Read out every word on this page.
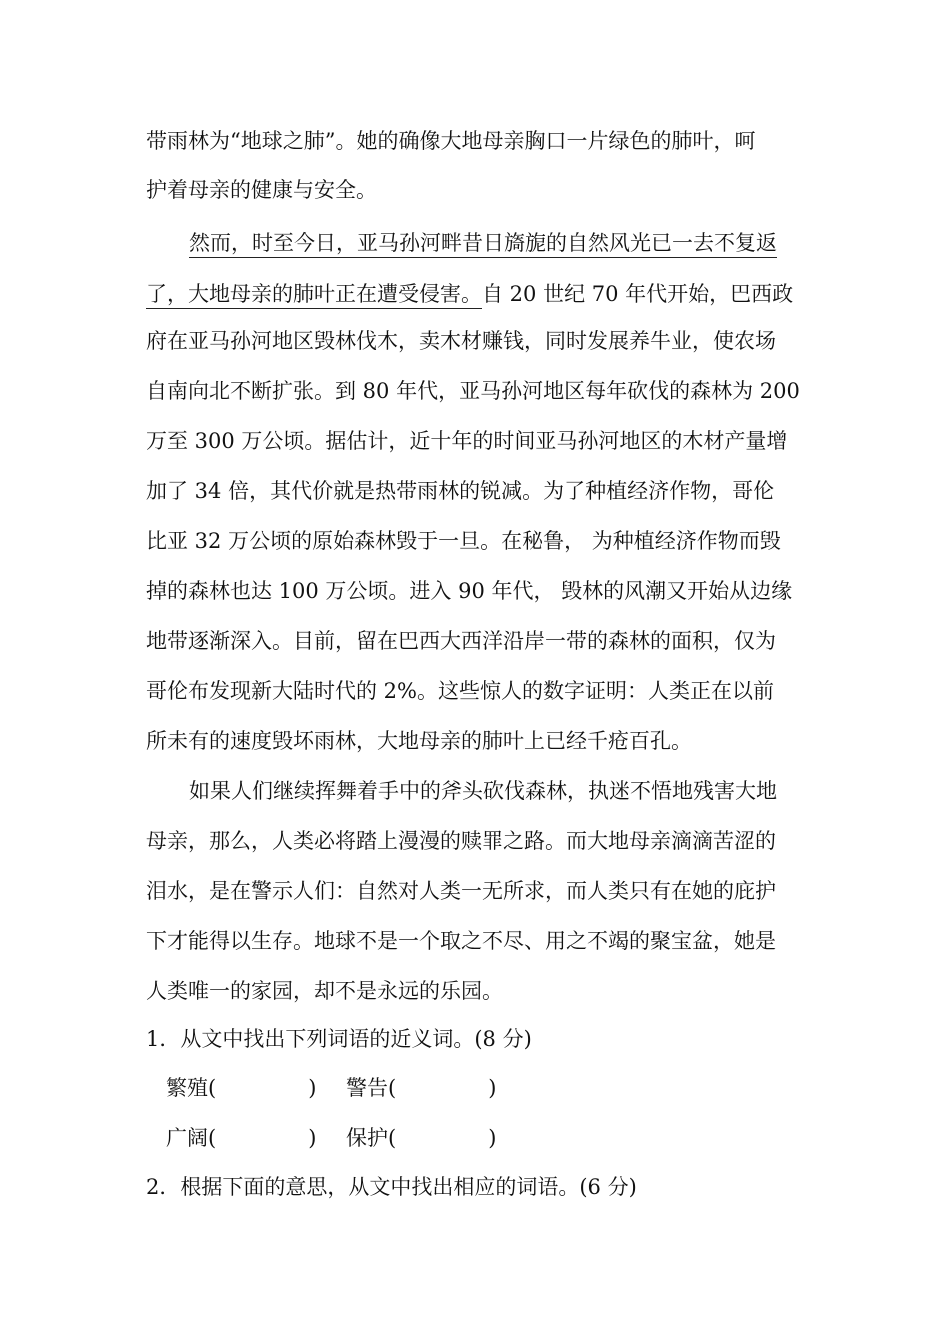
带雨林为“地球之肺”。她的确像大地母亲胸口一片绿色的肺叶，呵
护着母亲的健康与安全。
然而，时至今日，亚马孙河畔昔日旖旎的自然风光已一去不复返
了，大地母亲的肺叶正在遭受侵害。自 20 世纪 70 年代开始，巴西政
府在亚马孙河地区毁林伐木，卖木材赚钱，同时发展养牛业，使农场
自南向北不断扩张。到 80 年代，亚马孙河地区每年砍伐的森林为 200
万至 300 万公顷。据估计，近十年的时间亚马孙河地区的木材产量增
加了 34 倍，其代价就是热带雨林的锐减。为了种植经济作物，哥伦
比亚 32 万公顷的原始森林毁于一旦。在秘鲁， 为种植经济作物而毁
掉的森林也达 100 万公顷。进入 90 年代， 毁林的风潮又开始从边缘
地带逐渐深入。目前，留在巴西大西洋沿岸一带的森林的面积，仅为
哥伦布发现新大陆时代的 2%。这些惊人的数字证明：人类正在以前
所未有的速度毁坏雨林，大地母亲的肺叶上已经千疮百孔。
如果人们继续挥舞着手中的斧头砍伐森林，执迷不悟地残害大地
母亲，那么，人类必将踏上漫漫的赎罪之路。而大地母亲滴滴苦涩的
泪水，是在警示人们：自然对人类一无所求，而人类只有在她的庇护
下才能得以生存。地球不是一个取之不尽、用之不竭的聚宝盆，她是
人类唯一的家园，却不是永远的乐园。
1．从文中找出下列词语的近义词。(8 分)
繁殖(	) 警告(	)
广阔(	) 保护(	)
2．根据下面的意思，从文中找出相应的词语。(6 分)
